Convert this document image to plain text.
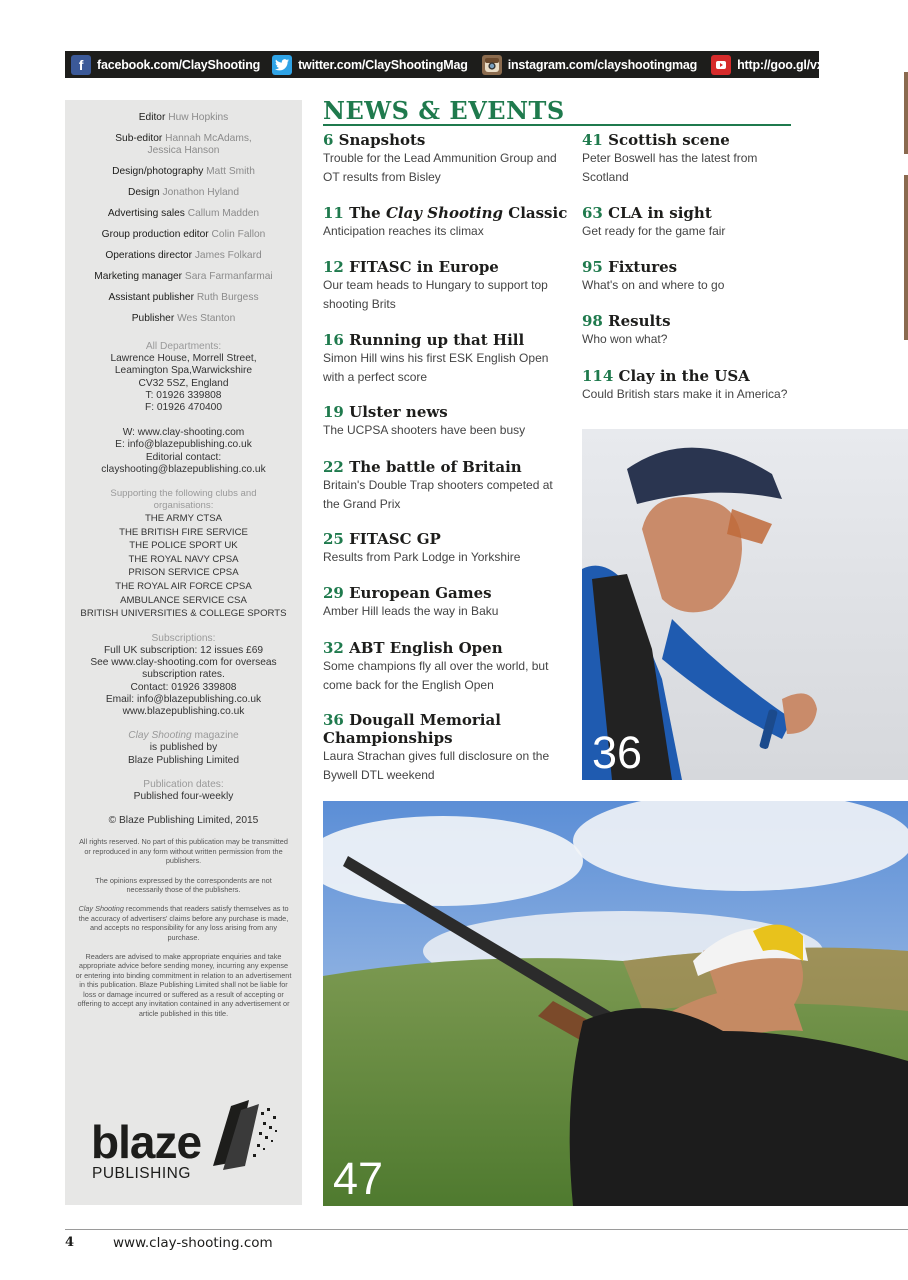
f	facebook.com/ClayShooting	twitter.com/ClayShootingMag	instagram.com/clayshootingmag	http://goo.gl/vxKYKJ
Editor Huw Hopkins
Sub-editor Hannah McAdams,
Jessica Hanson
Design/photography Matt Smith
Design Jonathon Hyland
Advertising sales Callum Madden
Group production editor Colin Fallon
Operations director James Folkard
Marketing manager Sara Farmanfarmai
Assistant publisher Ruth Burgess
Publisher Wes Stanton
All Departments:
Lawrence House, Morrell Street,
Leamington Spa,Warwickshire
CV32 5SZ, England
T: 01926 339808
F: 01926 470400
W: www.clay-shooting.com
E: info@blazepublishing.co.uk
Editorial contact:
clayshooting@blazepublishing.co.uk
Supporting the following clubs and organisations:
THE ARMY CTSA
THE BRITISH FIRE SERVICE
THE POLICE SPORT UK
THE ROYAL NAVY CPSA
PRISON SERVICE CPSA
THE ROYAL AIR FORCE CPSA
AMBULANCE SERVICE CSA
BRITISH UNIVERSITIES & COLLEGE SPORTS
Subscriptions:
Full UK subscription: 12 issues £69
See www.clay-shooting.com for overseas
subscription rates.
Contact: 01926 339808
Email: info@blazepublishing.co.uk
www.blazepublishing.co.uk
Clay Shooting magazine
is published by
Blaze Publishing Limited
Publication dates:
Published four-weekly
© Blaze Publishing Limited, 2015
All rights reserved. No part of this publication may be transmitted or reproduced in any form without written permission from the publishers.
The opinions expressed by the correspondents are not necessarily those of the publishers.
Clay Shooting recommends that readers satisfy themselves as to the accuracy of advertisers' claims before any purchase is made, and accepts no responsibility for any loss arising from any purchase.
Readers are advised to make appropriate enquiries and take appropriate advice before sending money, incurring any expense or entering into binding commitment in relation to an advertisement in this publication. Blaze Publishing Limited shall not be liable for loss or damage incurred or suffered as a result of accepting or offering to accept any invitation contained in any advertisement or article published in this title.
blaze
PUBLISHING
NEWS & EVENTS
6 Snapshots
Trouble for the Lead Ammunition Group and OT results from Bisley
11 The Clay Shooting Classic
Anticipation reaches its climax
12 FITASC in Europe
Our team heads to Hungary to support top shooting Brits
16 Running up that Hill
Simon Hill wins his first ESK English Open with a perfect score
19 Ulster news
The UCPSA shooters have been busy
22 The battle of Britain
Britain's Double Trap shooters competed at the Grand Prix
25 FITASC GP
Results from Park Lodge in Yorkshire
29 European Games
Amber Hill leads the way in Baku
32 ABT English Open
Some champions fly all over the world, but come back for the English Open
36 Dougall Memorial Championships
Laura Strachan gives full disclosure on the Bywell DTL weekend
41 Scottish scene
Peter Boswell has the latest from Scotland
63 CLA in sight
Get ready for the game fair
95 Fixtures
What's on and where to go
98 Results
Who won what?
114 Clay in the USA
Could British stars make it in America?
36
47
4	www.clay-shooting.com
